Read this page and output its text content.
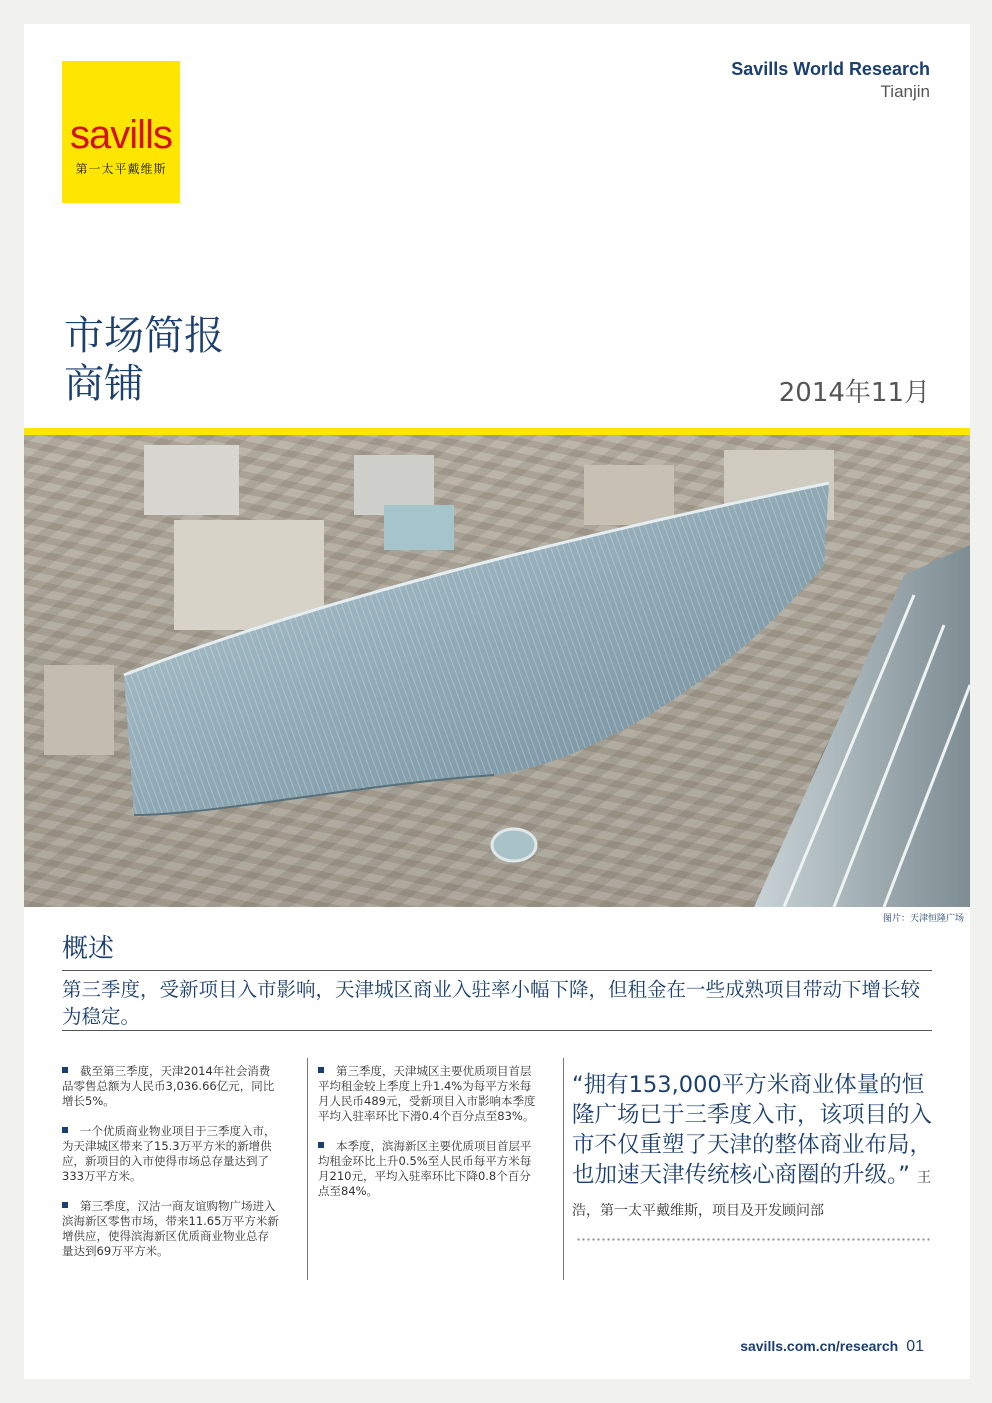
savills
第一太平戴维斯
Savills World Research
Tianjin
市场简报
商铺	2014年11月
图片：天津恒隆广场
概述
第三季度，受新项目入市影响，天津城区商业入驻率小幅下降，但租金在一些成熟项目带动下增长较为稳定。
截至第三季度，天津2014年社会消费品零售总额为人民币3,036.66亿元，同比增长5%。
一个优质商业物业项目于三季度入市，为天津城区带来了15.3万平方米的新增供应，新项目的入市使得市场总存量达到了333万平方米。
第三季度，汉沽一商友谊购物广场进入滨海新区零售市场，带来11.65万平方米新增供应，使得滨海新区优质商业物业总存量达到69万平方米。
第三季度，天津城区主要优质项目首层平均租金较上季度上升1.4%为每平方米每月人民币489元，受新项目入市影响本季度平均入驻率环比下滑0.4个百分点至83%。
本季度，滨海新区主要优质项目首层平均租金环比上升0.5%至人民币每平方米每月210元，平均入驻率环比下降0.8个百分点至84%。
“拥有153,000平方米商业体量的恒隆广场已于三季度入市，该项目的入市不仅重塑了天津的整体商业布局，也加速天津传统核心商圈的升级。” 王浩，第一太平戴维斯，项目及开发顾问部
savills.com.cn/research 01
